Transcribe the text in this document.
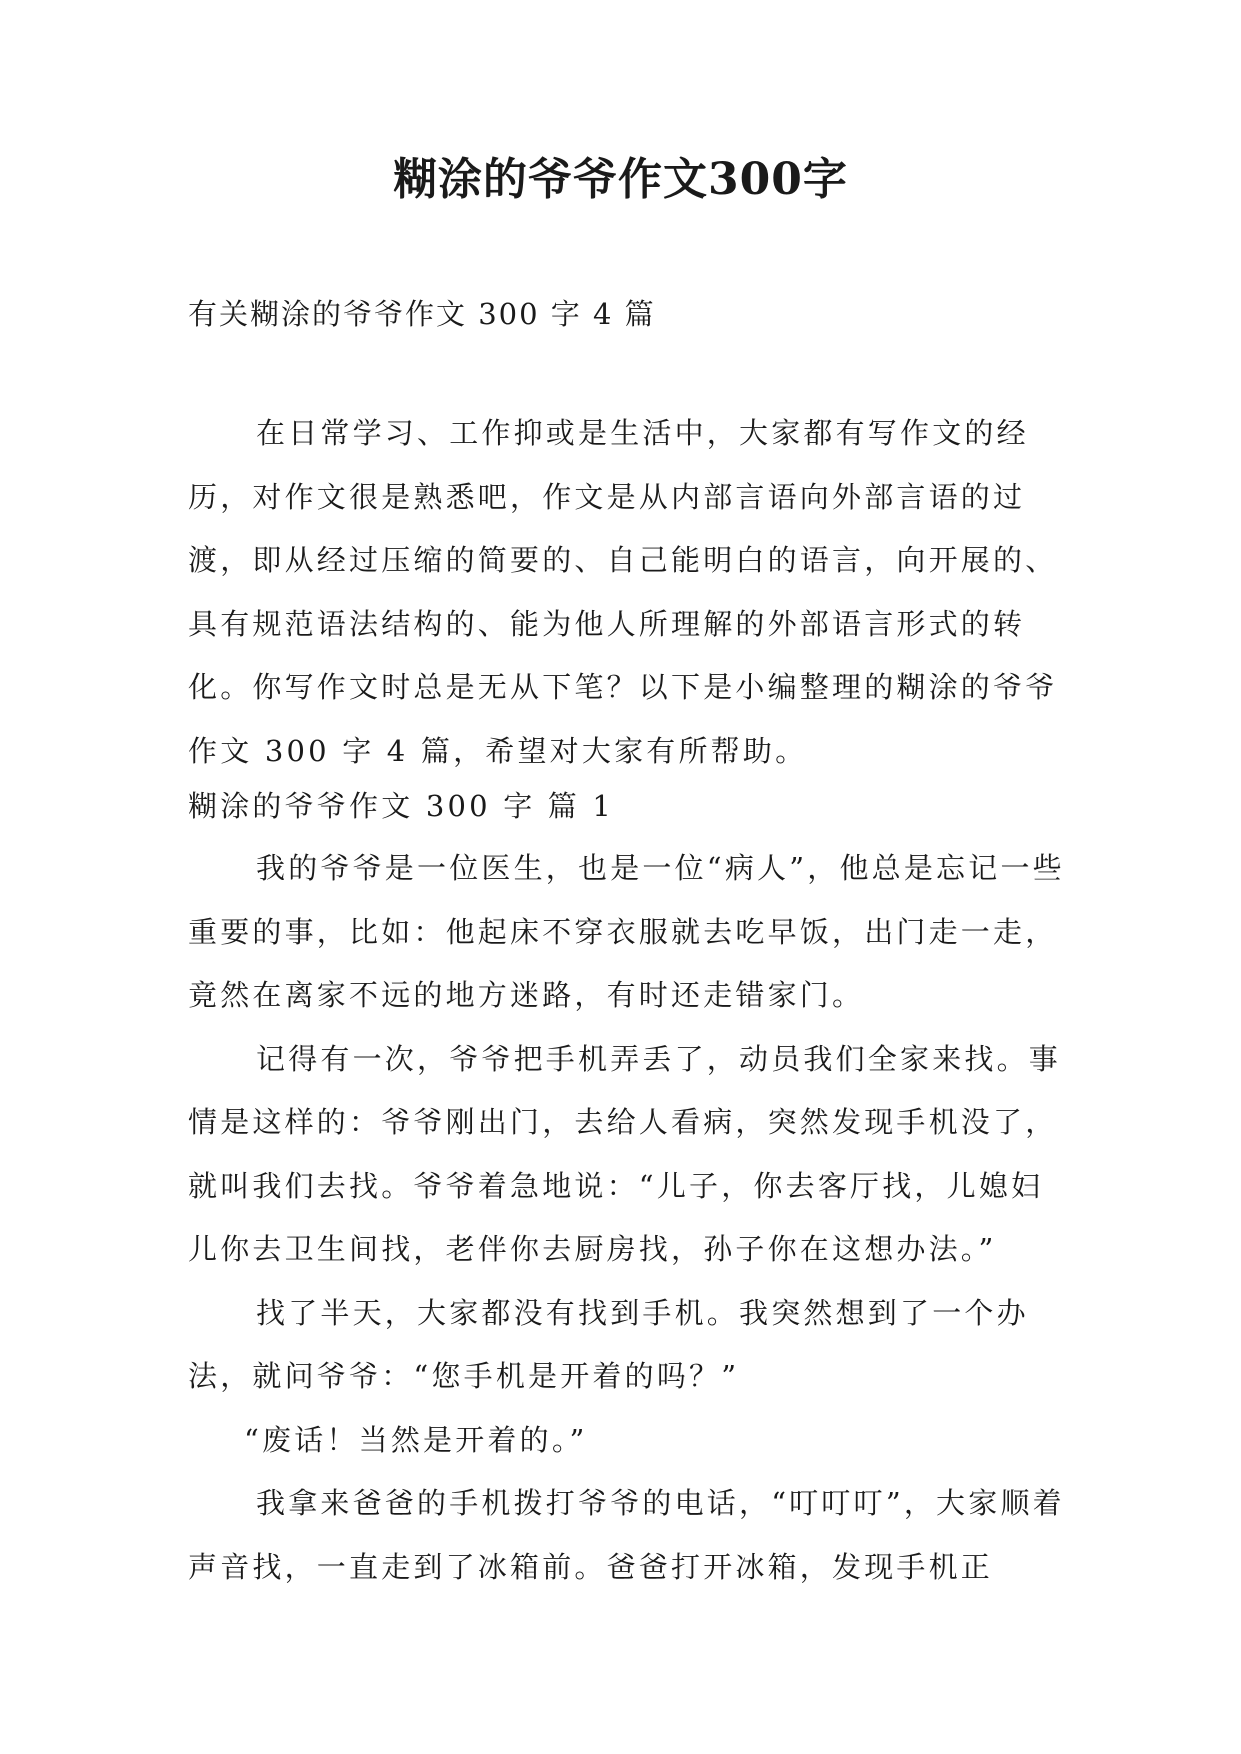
糊涂的爷爷作文300字

有关糊涂的爷爷作文 300 字 4 篇

在日常学习、工作抑或是生活中，大家都有写作文的经历，对作文很是熟悉吧，作文是从内部言语向外部言语的过渡，即从经过压缩的简要的、自己能明白的语言，向开展的、具有规范语法结构的、能为他人所理解的外部语言形式的转化。你写作文时总是无从下笔？以下是小编整理的糊涂的爷爷作文 300 字 4 篇，希望对大家有所帮助。

糊涂的爷爷作文 300 字 篇 1

我的爷爷是一位医生，也是一位“病人”，他总是忘记一些重要的事，比如：他起床不穿衣服就去吃早饭，出门走一走，竟然在离家不远的地方迷路，有时还走错家门。

记得有一次，爷爷把手机弄丢了，动员我们全家来找。事情是这样的：爷爷刚出门，去给人看病，突然发现手机没了，就叫我们去找。爷爷着急地说：“儿子，你去客厅找，儿媳妇儿你去卫生间找，老伴你去厨房找，孙子你在这想办法。”

找了半天，大家都没有找到手机。我突然想到了一个办法，就问爷爷：“您手机是开着的吗？”

“废话！当然是开着的。”

我拿来爸爸的手机拨打爷爷的电话，“叮叮叮”，大家顺着声音找，一直走到了冰箱前。爸爸打开冰箱，发现手机正
